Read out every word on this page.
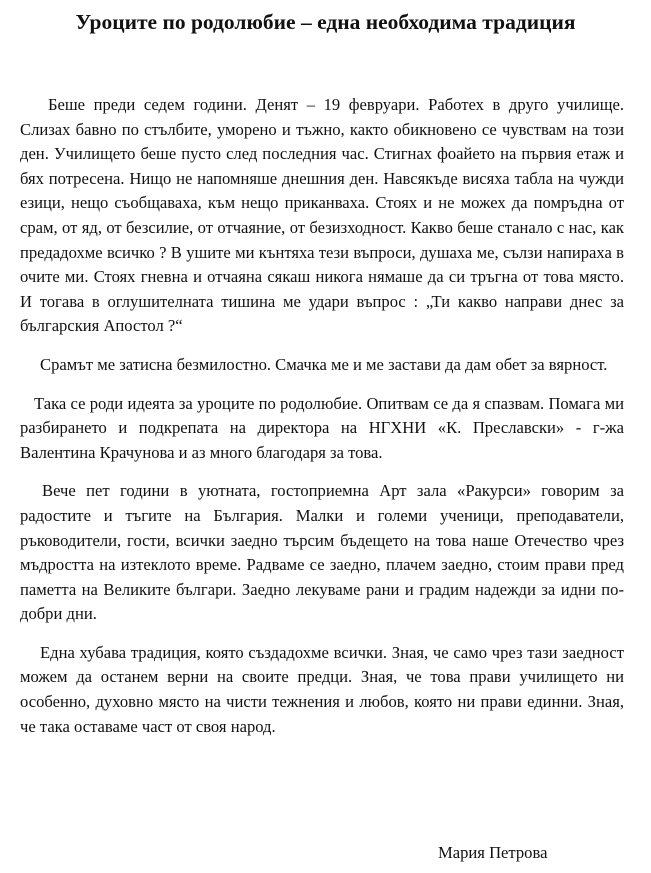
Уроците по родолюбие – една необходима традиция

Беше преди седем години. Денят – 19 февруари. Работех в друго училище. Слизах бавно по стълбите, уморено и тъжно, както обикновено се чувствам на този ден. Училището беше пусто след последния час. Стигнах фоайето на първия етаж и бях потресена. Нищо не напомняше днешния ден. Навсякъде висяха табла на чужди езици, нещо съобщаваха, към нещо приканваха. Стоях и не можех да помръдна от срам, от яд, от безсилие, от отчаяние, от безизходност. Какво беше станало с нас, как предадохме всичко ? В ушите ми кънтяха тези въпроси, душаха ме, сълзи напираха в очите ми. Стоях гневна и отчаяна сякаш никога нямаше да си тръгна от това място. И тогава в оглушителната тишина ме удари въпрос : „Ти какво направи днес за българския Апостол ?“

Срамът ме затисна безмилостно. Смачка ме и ме застави да дам обет за вярност.

Така се роди идеята за уроците по родолюбие. Опитвам се да я спазвам. Помага ми разбирането и подкрепата на директора на НГХНИ «К. Преславски» - г-жа Валентина Крачунова и аз много благодаря за това.

Вече пет години в уютната, гостоприемна Арт зала «Ракурси» говорим за радостите и тъгите на България. Малки и големи ученици, преподаватели, ръководители, гости, всички заедно търсим бъдещето на това наше Отечество чрез мъдростта на изтеклото време. Радваме се заедно, плачем заедно, стоим прави пред паметта на Великите българи. Заедно лекуваме рани и градим надежди за идни по-добри дни.

Една хубава традиция, която създадохме всички. Зная, че само чрез тази заедност можем да останем верни на своите предци. Зная, че това прави училището ни особенно, духовно място на чисти тежнения и любов, която ни прави единни. Зная, че така оставаме част от своя народ.

Мария Петрова
